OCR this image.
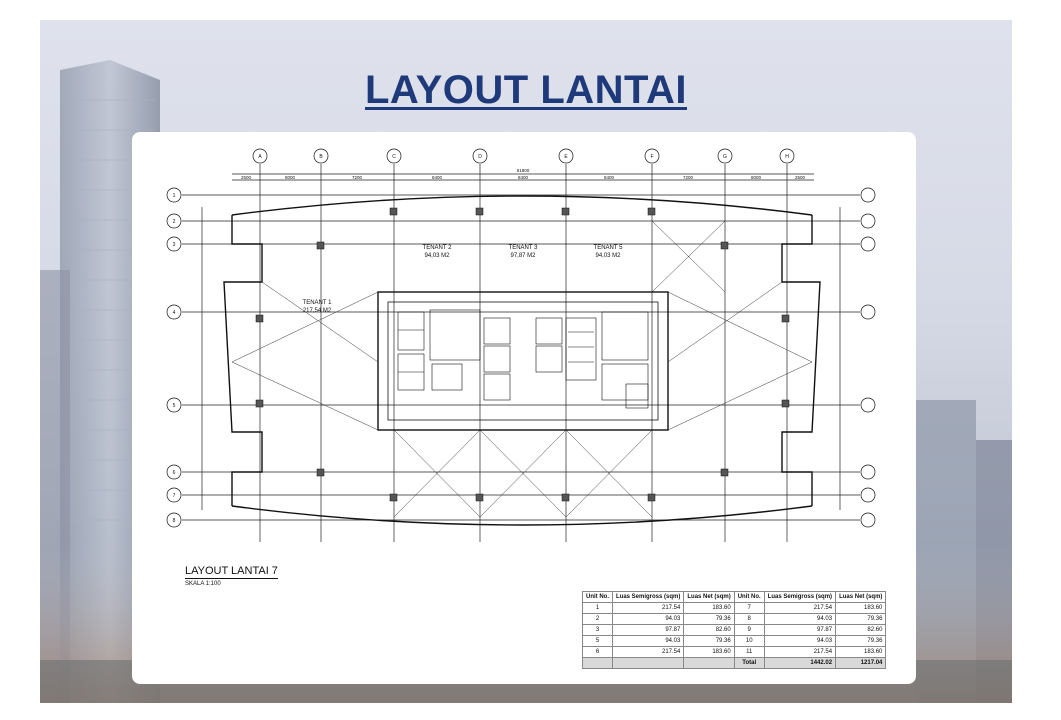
LAYOUT LANTAI
A	B	C	D	E	F	G	H
1
2
3
4
5
6
7
8
51800
2500	8000	7200	8400	8400	8400	7200	8000	2500
TENANT 1
217,54 M2
TENANT 2
94,03 M2
TENANT 3
97,87 M2
TENANT 5
94,03 M2
LAYOUT LANTAI 7
SKALA 1:100
Unit No.	Luas Semigross (sqm)	Luas Net (sqm)	Unit No.	Luas Semigross (sqm)	Luas Net (sqm)
1	217.54	183.60	7	217.54	183.60
2	94.03	79.36	8	94.03	79.36
3	97.87	82.60	9	97.87	82.60
5	94.03	79.36	10	94.03	79.36
6	217.54	183.60	11	217.54	183.60
			Total	1442.02	1217.04
